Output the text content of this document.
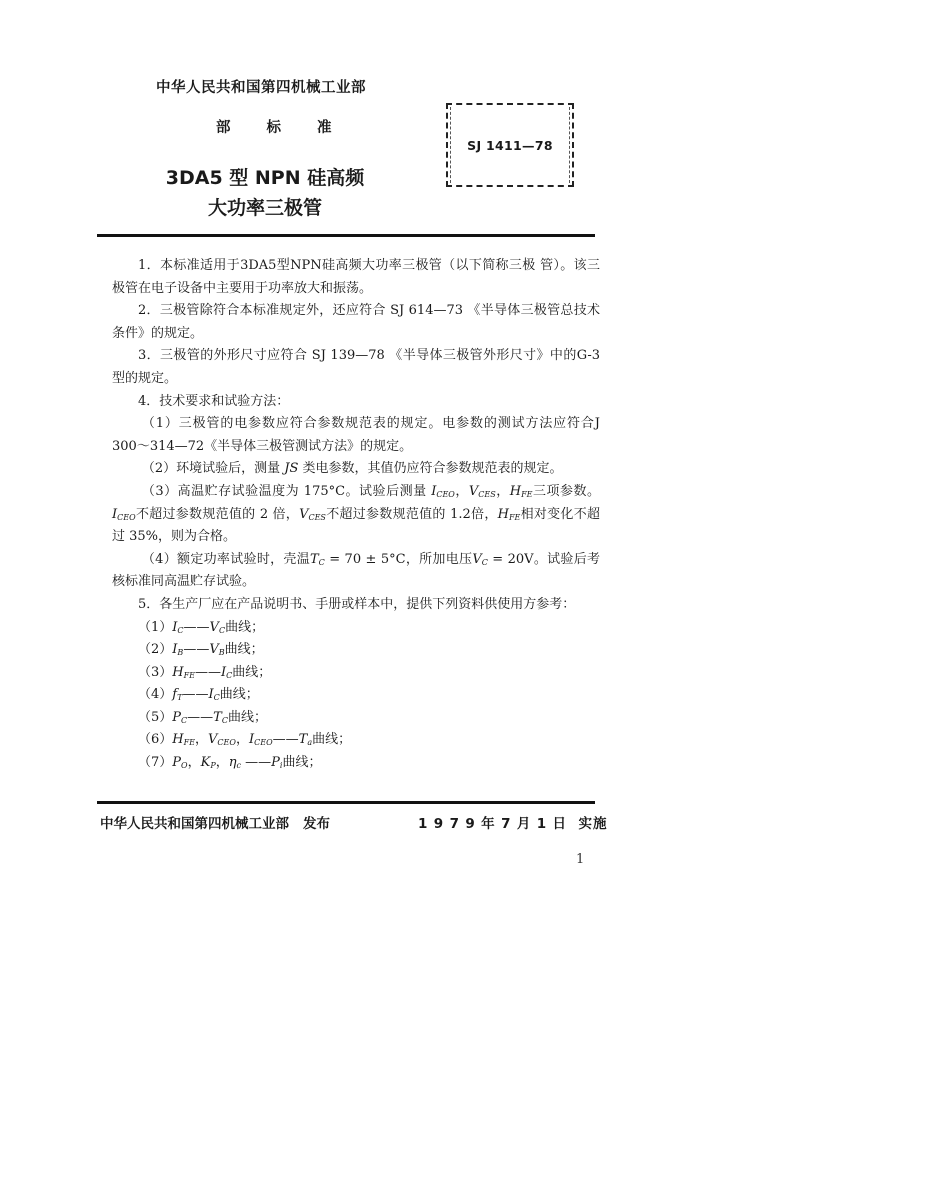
中华人民共和国第四机械工业部
部 标 准
3DA5 型 NPN 硅高频
大功率三极管
SJ 1411—78

1．本标准适用于3DA5型NPN硅高频大功率三极管（以下简称三极 管）。该三极管在电子设备中主要用于功率放大和振荡。

2．三极管除符合本标准规定外，还应符合 SJ 614—73 《半导体三极管总技术条件》的规定。

3．三极管的外形尺寸应符合 SJ 139—78 《半导体三极管外形尺寸》中的G-3 型的规定。

4．技术要求和试验方法：

（1）三极管的电参数应符合参数规范表的规定。电参数的测试方法应符合J 300～314—72《半导体三极管测试方法》的规定。

（2）环境试验后，测量 JS 类电参数，其值仍应符合参数规范表的规定。

（3）高温贮存试验温度为 175°C。试验后测量 $I_{CEO}$，$V_{CES}$，$H_{FE}$三项参数。$I_{CEO}$不超过参数规范值的 2 倍，$V_{CES}$不超过参数规范值的 1.2倍，$H_{FE}$相对变化不超过 35%，则为合格。

（4）额定功率试验时，壳温$T_C = 70 \pm 5^\circ C$，所加电压$V_C = 20V$。试验后考核标准同高温贮存试验。

5．各生产厂应在产品说明书、手册或样本中，提供下列资料供使用方参考：

$(1)I_C——V_C$曲线；
$(2)I_B——V_B$曲线；
$(3)H_{FE}——I_C$曲线；
$(4)f_T——I_C$曲线；
$(5)P_C——T_C$曲线；
$(6)H_{FE}$，$V_{CEO}$，$I_{CEO}——T_a$曲线；
$(7)P_O$，$K_P$，$\eta_c$ $——P_i$曲线；
中华人民共和国第四机械工业部 发布	1979年7月1日 实施
1
